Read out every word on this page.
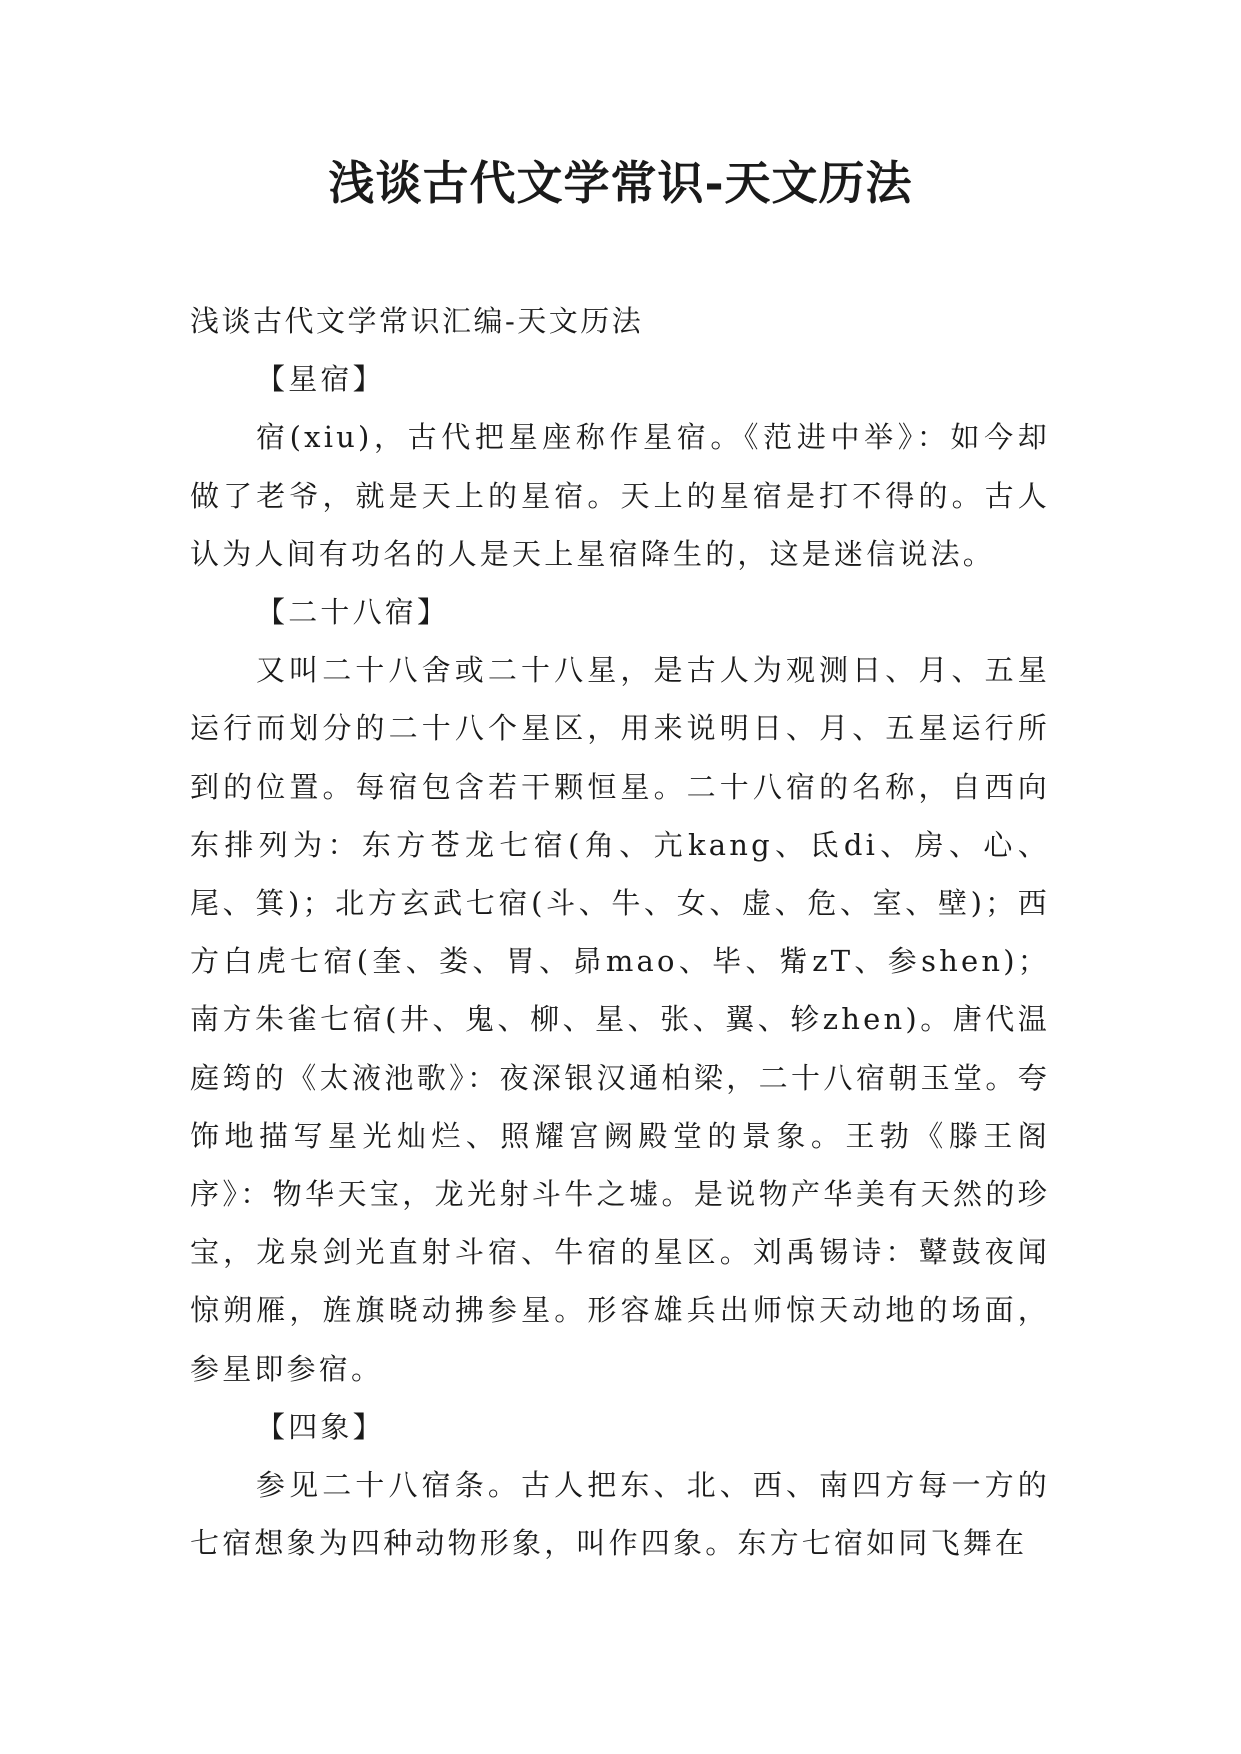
浅谈古代文学常识-天文历法

浅谈古代文学常识汇编-天文历法

【星宿】

宿(xiu)，古代把星座称作星宿。《范进中举》：如今却做了老爷，就是天上的星宿。天上的星宿是打不得的。古人认为人间有功名的人是天上星宿降生的，这是迷信说法。

【二十八宿】

又叫二十八舍或二十八星，是古人为观测日、月、五星运行而划分的二十八个星区，用来说明日、月、五星运行所到的位置。每宿包含若干颗恒星。二十八宿的名称，自西向东排列为：东方苍龙七宿(角、亢kang、氐di、房、心、尾、箕)；北方玄武七宿(斗、牛、女、虚、危、室、壁)；西方白虎七宿(奎、娄、胃、昴mao、毕、觜zT、参shen)；南方朱雀七宿(井、鬼、柳、星、张、翼、轸zhen)。唐代温庭筠的《太液池歌》：夜深银汉通柏梁，二十八宿朝玉堂。夸饰地描写星光灿烂、照耀宫阙殿堂的景象。王勃《滕王阁序》：物华天宝，龙光射斗牛之墟。是说物产华美有天然的珍宝，龙泉剑光直射斗宿、牛宿的星区。刘禹锡诗：鼙鼓夜闻惊朔雁，旌旗晓动拂参星。形容雄兵出师惊天动地的场面，参星即参宿。

【四象】

参见二十八宿条。古人把东、北、西、南四方每一方的七宿想象为四种动物形象，叫作四象。东方七宿如同飞舞在
